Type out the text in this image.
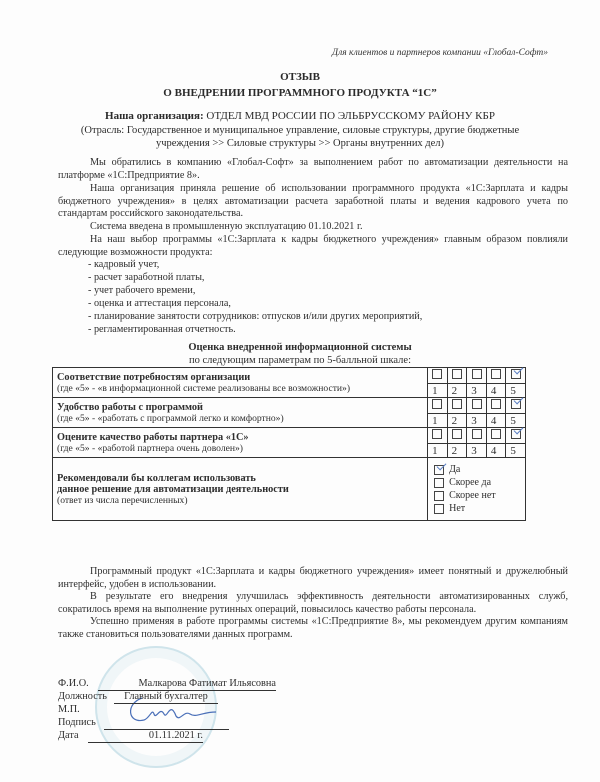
Для клиентов и партнеров компании «Глобал-Софт»
ОТЗЫВ
О ВНЕДРЕНИИ ПРОГРАММНОГО ПРОДУКТА “1С”
Наша организация: ОТДЕЛ МВД РОССИИ ПО ЭЛЬБРУССКОМУ РАЙОНУ КБР
(Отрасль: Государственное и муниципальное управление, силовые структуры, другие бюджетные
учреждения >> Силовые структуры >> Органы внутренних дел)
Мы обратились в компанию «Глобал-Софт» за выполнением работ по автоматизации деятельности на платформе «1С:Предприятие 8».
Наша организация приняла решение об использовании программного продукта «1С:Зарплата и кадры бюджетного учреждения» в целях автоматизации расчета заработной платы и ведения кадрового учета по стандартам российского законодательства.
Система введена в промышленную эксплуатацию 01.10.2021 г.
На наш выбор программы «1С:Зарплата к кадры бюджетного учреждения» главным образом повлияли следующие возможности продукта:
- кадровый учет,
- расчет заработной платы,
- учет рабочего времени,
- оценка и аттестация персонала,
- планирование занятости сотрудников: отпусков и/или других мероприятий,
- регламентированная отчетность.
Оценка внедренной информационной системы
по следующим параметрам по 5-балльной шкале:
Соответствие потребностям организации
(где «5» - «в информационной системе реализованы все возможности»)					

	1	2	3	4	5

Удобство работы с программой
(где «5» - «работать с программой легко и комфортно»)					

	1	2	3	4	5

Оцените качество работы партнера «1С»
(где «5» - «работой партнера очень доволен»)					

	1	2	3	4	5

Рекомендовали бы коллегам использовать
данное решение для автоматизации деятельности
(ответ из числа перечисленных)

Да
Скорее да
Скорее нет
Нет
Программный продукт «1С:Зарплата и кадры бюджетного учреждения» имеет понятный и дружелюбный интерфейс, удобен в использовании.
В результате его внедрения улучшилась эффективность деятельности автоматизированных служб, сократилось время на выполнение рутинных операций, повысилось качество работы персонала.
Успешно применяя в работе программы системы «1С:Предприятие 8», мы рекомендуем другим компаниям также становиться пользователями данных программ.
Ф.И.О.	Малкарова Фатимат Ильясовна
Должность	Главный бухгалтер
М.П.
Подпись
Дата	01.11.2021 г.
